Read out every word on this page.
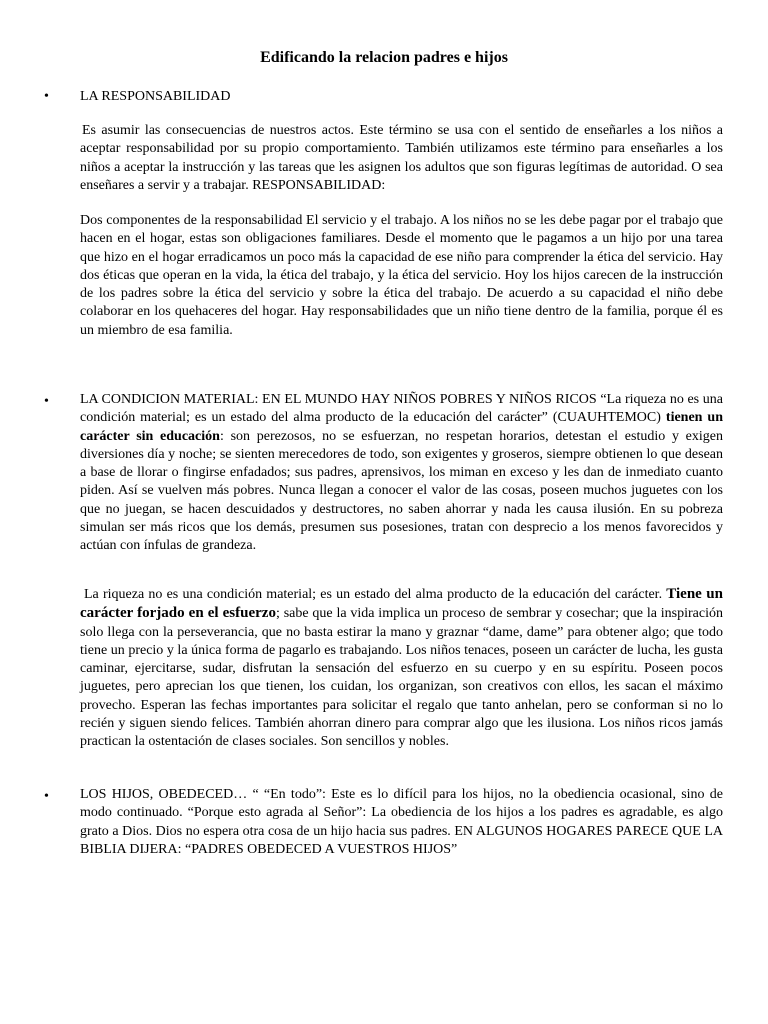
Edificando la relacion padres e hijos
• LA RESPONSABILIDAD
Es asumir las consecuencias de nuestros actos. Este término se usa con el sentido de enseñarles a los niños a aceptar responsabilidad por su propio comportamiento. También utilizamos este término para enseñarles a los niños a aceptar la instrucción y las tareas que les asignen los adultos que son figuras legítimas de autoridad. O sea enseñares a servir y a trabajar. RESPONSABILIDAD:
Dos componentes de la responsabilidad El servicio y el trabajo. A los niños no se les debe pagar por el trabajo que hacen en el hogar, estas son obligaciones familiares. Desde el momento que le pagamos a un hijo por una tarea que hizo en el hogar erradicamos un poco más la capacidad de ese niño para comprender la ética del servicio. Hay dos éticas que operan en la vida, la ética del trabajo, y la ética del servicio. Hoy los hijos carecen de la instrucción de los padres sobre la ética del servicio y sobre la ética del trabajo. De acuerdo a su capacidad el niño debe colaborar en los quehaceres del hogar. Hay responsabilidades que un niño tiene dentro de la familia, porque él es un miembro de esa familia.
• LA CONDICION MATERIAL: EN EL MUNDO HAY NIÑOS POBRES Y NIÑOS RICOS “La riqueza no es una condición material; es un estado del alma producto de la educación del carácter” (CUAUHTEMOC) tienen un carácter sin educación: son perezosos, no se esfuerzan, no respetan horarios, detestan el estudio y exigen diversiones día y noche; se sienten merecedores de todo, son exigentes y groseros, siempre obtienen lo que desean a base de llorar o fingirse enfadados; sus padres, aprensivos, los miman en exceso y les dan de inmediato cuanto piden. Así se vuelven más pobres. Nunca llegan a conocer el valor de las cosas, poseen muchos juguetes con los que no juegan, se hacen descuidados y destructores, no saben ahorrar y nada les causa ilusión. En su pobreza simulan ser más ricos que los demás, presumen sus posesiones, tratan con desprecio a los menos favorecidos y actúan con ínfulas de grandeza.
La riqueza no es una condición material; es un estado del alma producto de la educación del carácter. Tiene un carácter forjado en el esfuerzo; sabe que la vida implica un proceso de sembrar y cosechar; que la inspiración solo llega con la perseverancia, que no basta estirar la mano y graznar “dame, dame” para obtener algo; que todo tiene un precio y la única forma de pagarlo es trabajando. Los niños tenaces, poseen un carácter de lucha, les gusta caminar, ejercitarse, sudar, disfrutan la sensación del esfuerzo en su cuerpo y en su espíritu. Poseen pocos juguetes, pero aprecian los que tienen, los cuidan, los organizan, son creativos con ellos, les sacan el máximo provecho. Esperan las fechas importantes para solicitar el regalo que tanto anhelan, pero se conforman si no lo recién y siguen siendo felices. También ahorran dinero para comprar algo que les ilusiona. Los niños ricos jamás practican la ostentación de clases sociales. Son sencillos y nobles.
• LOS HIJOS, OBEDECED… “ “En todo”: Este es lo difícil para los hijos, no la obediencia ocasional, sino de modo continuado. “Porque esto agrada al Señor”: La obediencia de los hijos a los padres es agradable, es algo grato a Dios. Dios no espera otra cosa de un hijo hacia sus padres. EN ALGUNOS HOGARES PARECE QUE LA BIBLIA DIJERA: “PADRES OBEDECED A VUESTROS HIJOS”
